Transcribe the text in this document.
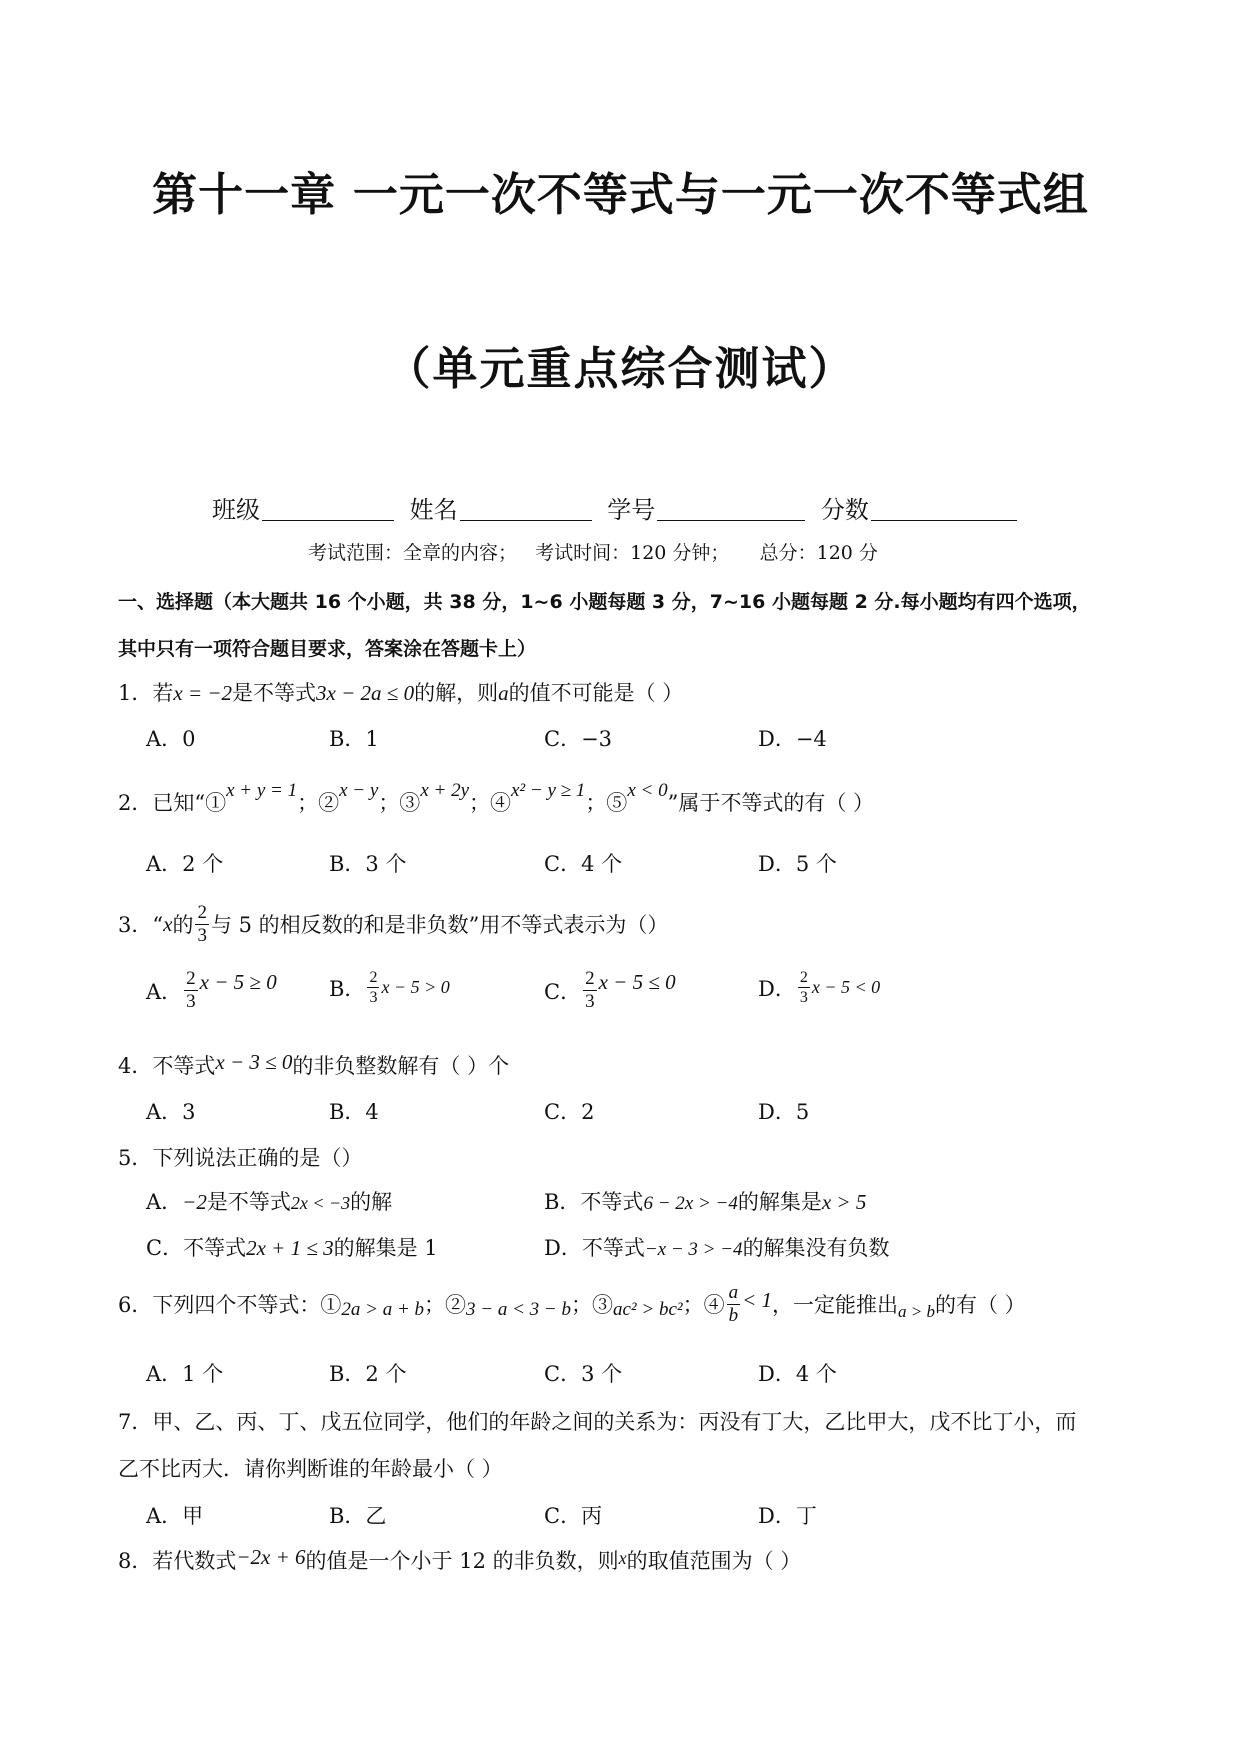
第十一章 一元一次不等式与一元一次不等式组
（单元重点综合测试）
班级	姓名	学号	分数
考试范围：全章的内容；   考试时间：120 分钟；     总分：120 分
一、选择题（本大题共 16 个小题，共 38 分，1~6 小题每题 3 分，7~16 小题每题 2 分.每小题均有四个选项，
其中只有一项符合题目要求，答案涂在答题卡上）
1．若x = −2是不等式3x − 2a ≤ 0的解，则a的值不可能是（ ）
A．0	B．1	C．−3	D．−4
2．已知“①x + y = 1；②x − y；③x + 2y；④x² − y ≥ 1；⑤x < 0”属于不等式的有（ ）
A．2 个	B．3 个	C．4 个	D．5 个
3．“ x 的 $\frac{2}{3}$ 与 5 的相反数的和是非负数”用不等式表示为（）
A． $\frac{2}{3}$ x − 5 ≥ 0 B． $\frac{2}{3}$ x − 5 > 0	C． $\frac{2}{3}$ x − 5 ≤ 0	D． $\frac{2}{3}$ x − 5 < 0
4．不等式x − 3 ≤ 0的非负整数解有（ ）个
A．3	B．4	C．2	D．5
5．下列说法正确的是（）
A．−2是不等式2x < −3的解	B．不等式6 − 2x > −4的解集是x > 5
C．不等式2x + 1 ≤ 3的解集是 1	D．不等式−x − 3 > −4的解集没有负数
6．下列四个不等式：① 2a > a + b ；② 3 − a < 3 − b ；③ ac² > bc² ；④ $\frac{a}{b} < 1$ ，一定能推出 a > b 的有（ ）
A．1 个	B．2 个	C．3 个	D．4 个
7．甲、乙、丙、丁、戊五位同学，他们的年龄之间的关系为：丙没有丁大，乙比甲大，戊不比丁小，而
乙不比丙大．请你判断谁的年龄最小（ ）
A．甲	B．乙	C．丙	D．丁
8．若代数式−2x + 6的值是一个小于 12 的非负数，则x的取值范围为（ ）
